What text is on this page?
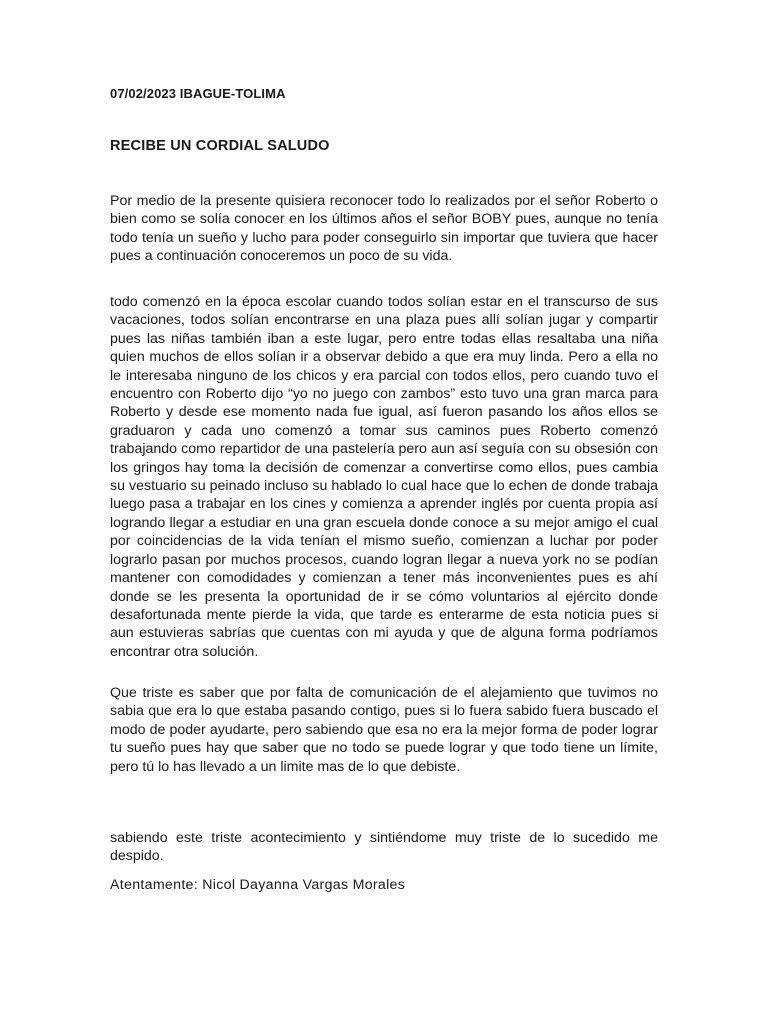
07/02/2023 IBAGUE-TOLIMA
RECIBE UN CORDIAL SALUDO

Por medio de la presente quisiera reconocer todo lo realizados por el señor Roberto o bien como se solía conocer en los últimos años el señor BOBY pues, aunque no tenía todo tenía un sueño y lucho para poder conseguirlo sin importar que tuviera que hacer pues a continuación conoceremos un poco de su vida.

todo comenzó en la época escolar cuando todos solían estar en el transcurso de sus vacaciones, todos solían encontrarse en una plaza pues allí solían jugar y compartir pues las niñas también iban a este lugar, pero entre todas ellas resaltaba una niña quien muchos de ellos solían ir a observar debido a que era muy linda. Pero a ella no le interesaba ninguno de los chicos y era parcial con todos ellos, pero cuando tuvo el encuentro con Roberto dijo “yo no juego con zambos” esto tuvo una gran marca para Roberto y desde ese momento nada fue igual, así fueron pasando los años ellos se graduaron y cada uno comenzó a tomar sus caminos pues Roberto comenzó trabajando como repartidor de una pastelería pero aun así seguía con su obsesión con los gringos hay toma la decisión de comenzar a convertirse como ellos, pues cambia su vestuario su peinado incluso su hablado lo cual hace que lo echen de donde trabaja luego pasa a trabajar en los cines y comienza a aprender inglés por cuenta propia así logrando llegar a estudiar en una gran escuela donde conoce a su mejor amigo el cual por coincidencias de la vida tenían el mismo sueño, comienzan a luchar por poder lograrlo pasan por muchos procesos, cuando logran llegar a nueva york no se podían mantener con comodidades y comienzan a tener más inconvenientes pues es ahí donde se les presenta la oportunidad de ir se cómo voluntarios al ejército donde desafortunada mente pierde la vida, que tarde es enterarme de esta noticia pues si aun estuvieras sabrías que cuentas con mi ayuda y que de alguna forma podríamos encontrar otra solución.

Que triste es saber que por falta de comunicación de el alejamiento que tuvimos no sabia que era lo que estaba pasando contigo, pues si lo fuera sabido fuera buscado el modo de poder ayudarte, pero sabiendo que esa no era la mejor forma de poder lograr tu sueño pues hay que saber que no todo se puede lograr y que todo tiene un límite, pero tú lo has llevado a un limite mas de lo que debiste.

sabiendo este triste acontecimiento y sintiéndome muy triste de lo sucedido me despido.

Atentamente: Nicol Dayanna Vargas Morales
